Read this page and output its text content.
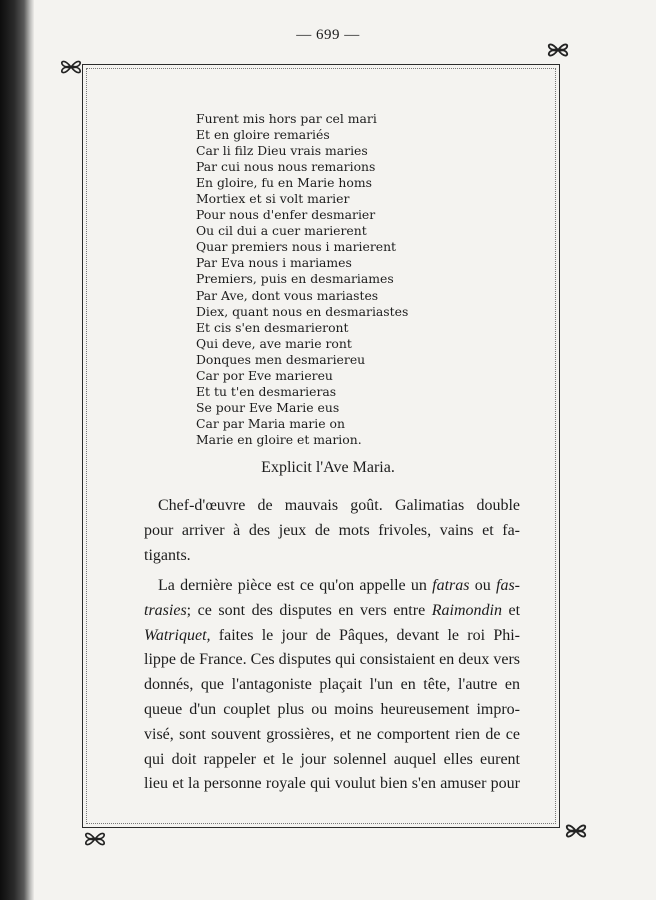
— 699 —
Furent mis hors par cel mari
Et en gloire remariés
Car li filz Dieu vrais maries
Par cui nous nous remarions
En gloire, fu en Marie homs
Mortiex et si volt marier
Pour nous d'enfer desmarier
Ou cil dui a cuer marierent
Quar premiers nous i marierent
Par Eva nous i mariames
Premiers, puis en desmariames
Par Ave, dont vous mariastes
Diex, quant nous en desmariastes
Et cis s'en desmarieront
Qui deve, ave marie ront
Donques men desmariereu
Car por Eve mariereu
Et tu t'en desmarieras
Se pour Eve Marie eus
Car par Maria marie on
Marie en gloire et marion.
Explicit l'Ave Maria.
Chef-d'œuvre de mauvais goût. Galimatias double
pour arriver à des jeux de mots frivoles, vains et fa-
tigants.
La dernière pièce est ce qu'on appelle un fatras ou fas-
trasies; ce sont des disputes en vers entre Raimondin et
Watriquet, faites le jour de Pâques, devant le roi Phi-
lippe de France. Ces disputes qui consistaient en deux vers
donnés, que l'antagoniste plaçait l'un en tête, l'autre en
queue d'un couplet plus ou moins heureusement impro-
visé, sont souvent grossières, et ne comportent rien de ce
qui doit rappeler et le jour solennel auquel elles eurent
lieu et la personne royale qui voulut bien s'en amuser pour
